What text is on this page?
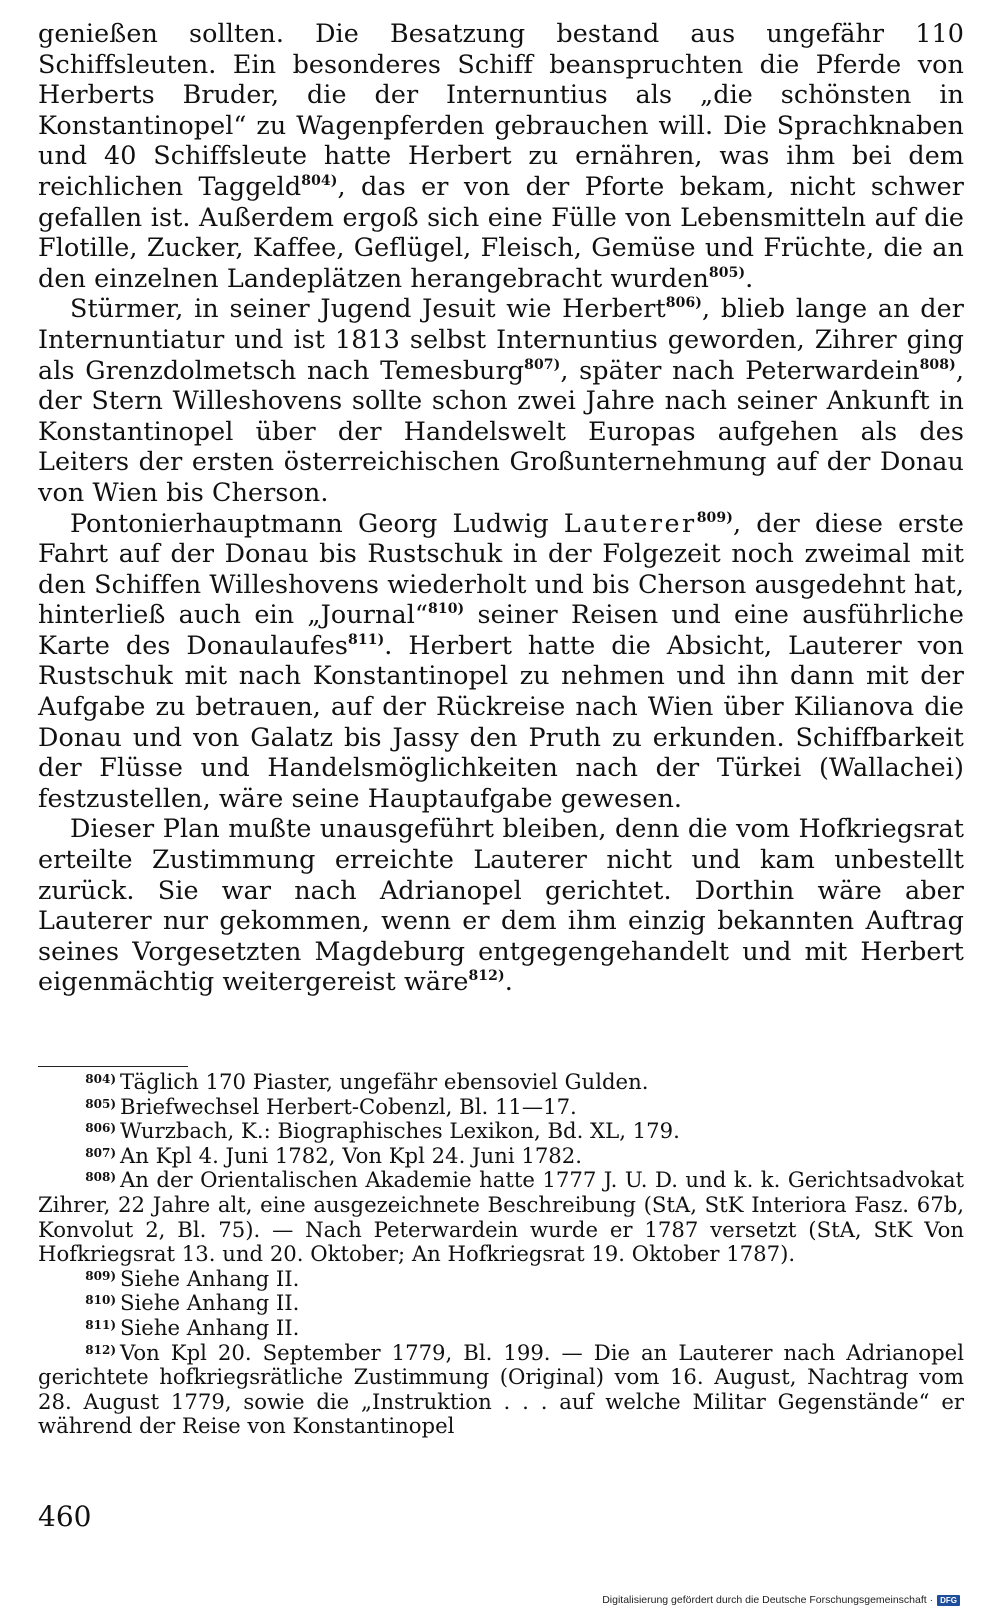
genießen sollten. Die Besatzung bestand aus ungefähr 110 Schiffsleuten. Ein besonderes Schiff beanspruchten die Pferde von Herberts Bruder, die der Internuntius als „die schönsten in Konstantinopel“ zu Wagenpferden gebrauchen will. Die Sprachknaben und 40 Schiffsleute hatte Herbert zu ernähren, was ihm bei dem reichlichen Taggeld$^{804)}$, das er von der Pforte bekam, nicht schwer gefallen ist. Außerdem ergoß sich eine Fülle von Lebensmitteln auf die Flotille, Zucker, Kaffee, Geflügel, Fleisch, Gemüse und Früchte, die an den einzelnen Landeplätzen herangebracht wurden$^{805)}$.

Stürmer, in seiner Jugend Jesuit wie Herbert$^{806)}$, blieb lange an der Internuntiatur und ist 1813 selbst Internuntius geworden, Zihrer ging als Grenzdolmetsch nach Temesburg$^{807)}$, später nach Peterwardein$^{808)}$, der Stern Willeshovens sollte schon zwei Jahre nach seiner Ankunft in Konstantinopel über der Handelswelt Europas aufgehen als des Leiters der ersten österreichischen Großunternehmung auf der Donau von Wien bis Cherson.

Pontonierhauptmann Georg Ludwig Lauterer$^{809)}$, der diese erste Fahrt auf der Donau bis Rustschuk in der Folgezeit noch zweimal mit den Schiffen Willeshovens wiederholt und bis Cherson ausgedehnt hat, hinterließ auch ein „Journal“$^{810)}$ seiner Reisen und eine ausführliche Karte des Donaulaufes$^{811)}$. Herbert hatte die Absicht, Lauterer von Rustschuk mit nach Konstantinopel zu nehmen und ihn dann mit der Aufgabe zu betrauen, auf der Rückreise nach Wien über Kilianova die Donau und von Galatz bis Jassy den Pruth zu erkunden. Schiffbarkeit der Flüsse und Handelsmöglichkeiten nach der Türkei (Wallachei) festzustellen, wäre seine Hauptaufgabe gewesen.

Dieser Plan mußte unausgeführt bleiben, denn die vom Hofkriegsrat erteilte Zustimmung erreichte Lauterer nicht und kam unbestellt zurück. Sie war nach Adrianopel gerichtet. Dorthin wäre aber Lauterer nur gekommen, wenn er dem ihm einzig bekannten Auftrag seines Vorgesetzten Magdeburg entgegengehandelt und mit Herbert eigenmächtig weitergereist wäre$^{812)}$.

$^{804)}$ Täglich 170 Piaster, ungefähr ebensoviel Gulden.

$^{805)}$ Briefwechsel Herbert-Cobenzl, Bl. 11—17.

$^{806)}$ Wurzbach, K.: Biographisches Lexikon, Bd. XL, 179.

$^{807)}$ An Kpl 4. Juni 1782, Von Kpl 24. Juni 1782.

$^{808)}$ An der Orientalischen Akademie hatte 1777 J. U. D. und k. k. Gerichtsadvokat Zihrer, 22 Jahre alt, eine ausgezeichnete Beschreibung (StA, StK Interiora Fasz. 67b, Konvolut 2, Bl. 75). — Nach Peterwardein wurde er 1787 versetzt (StA, StK Von Hofkriegsrat 13. und 20. Oktober; An Hofkriegsrat 19. Oktober 1787).

$^{809)}$ Siehe Anhang II.

$^{810)}$ Siehe Anhang II.

$^{811)}$ Siehe Anhang II.

$^{812)}$ Von Kpl 20. September 1779, Bl. 199. — Die an Lauterer nach Adrianopel gerichtete hofkriegsrätliche Zustimmung (Original) vom 16. August, Nachtrag vom 28. August 1779, sowie die „Instruktion . . . auf welche Militar Gegenstände“ er während der Reise von Konstantinopel

460
Digitalisierung gefördert durch die Deutsche Forschungsgemeinschaft · DFG
